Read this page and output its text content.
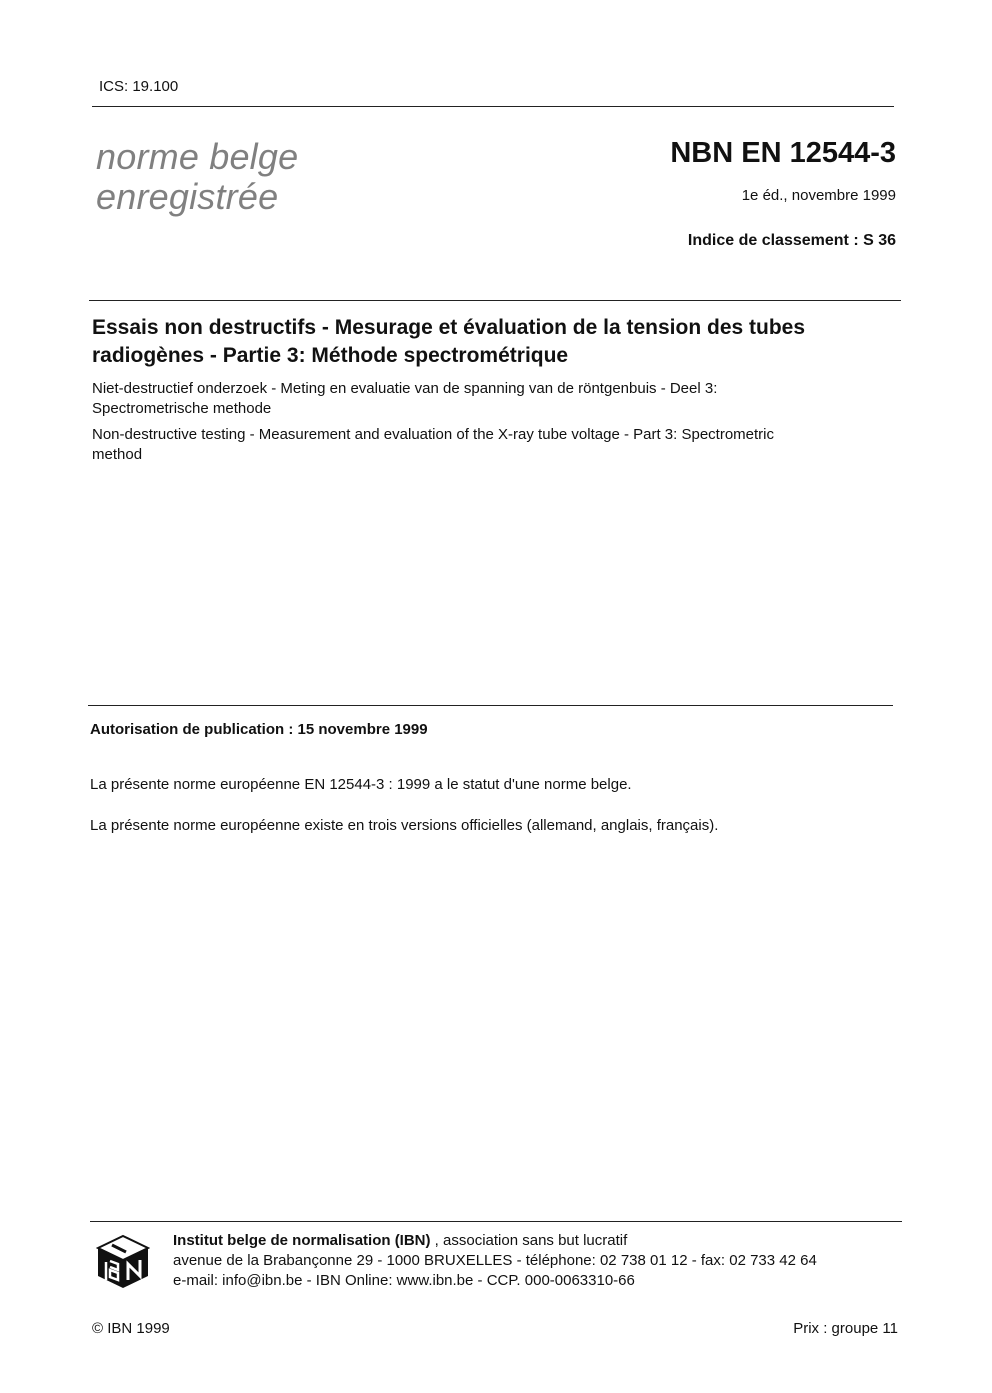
ICS: 19.100
norme belge
enregistrée
NBN EN 12544-3
1e éd., novembre 1999
Indice de classement : S 36
Essais non destructifs - Mesurage et évaluation de la tension des tubes
radiogènes - Partie 3: Méthode spectrométrique
Niet-destructief onderzoek - Meting en evaluatie van de spanning van de röntgenbuis - Deel 3:
Spectrometrische methode
Non-destructive testing - Measurement and evaluation of the X-ray tube voltage - Part 3: Spectrometric
method
Autorisation de publication : 15 novembre 1999
La présente norme européenne EN 12544-3 : 1999 a le statut d'une norme belge.
La présente norme européenne existe en trois versions officielles (allemand, anglais, français).
Institut belge de normalisation (IBN) , association sans but lucratif
avenue de la Brabançonne 29 - 1000 BRUXELLES - téléphone: 02 738 01 12 - fax: 02 733 42 64
e-mail: info@ibn.be - IBN Online: www.ibn.be - CCP. 000-0063310-66
© IBN 1999	Prix : groupe 11
